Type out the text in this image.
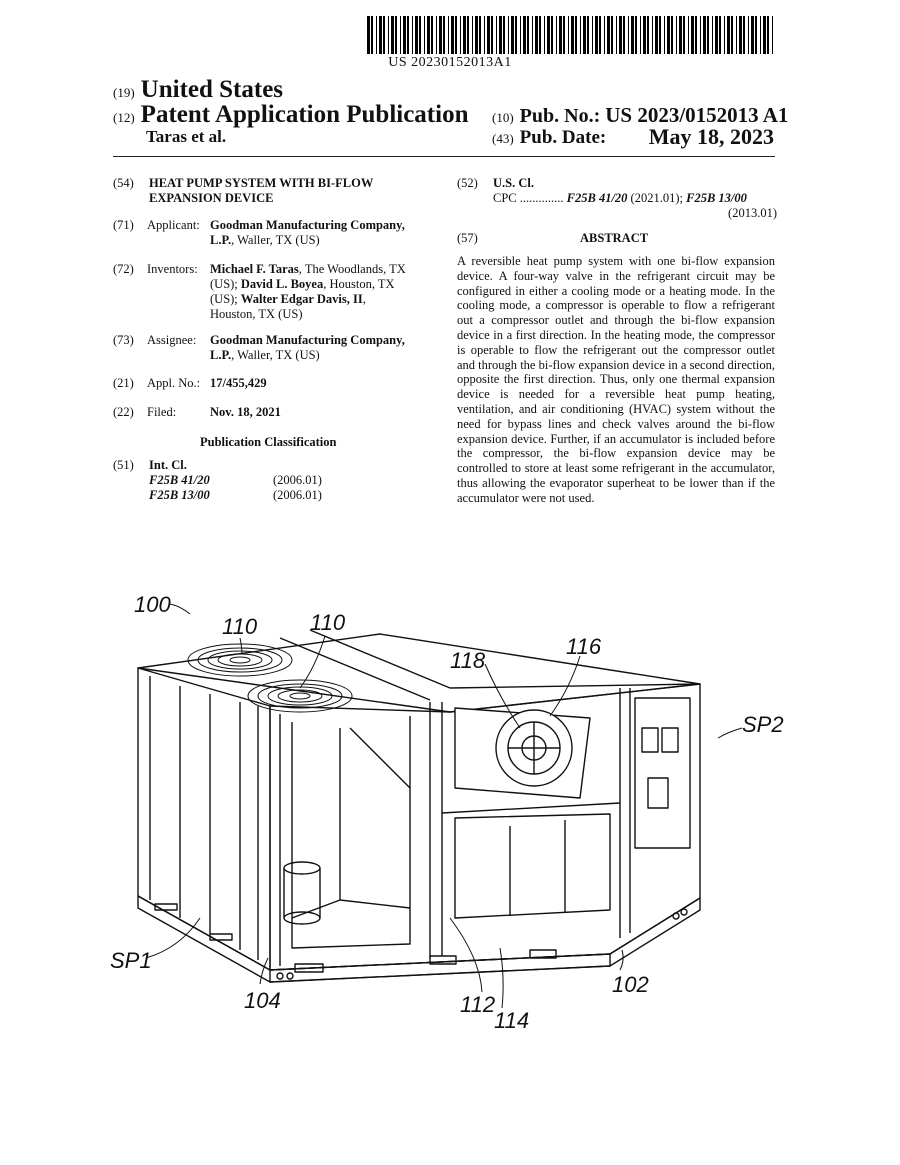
US 20230152013A1
(19) United States
(12) Patent Application Publication
Taras et al.
(10) Pub. No.: US 2023/0152013 A1
(43) Pub. Date: May 18, 2023
(54) HEAT PUMP SYSTEM WITH BI-FLOW
EXPANSION DEVICE
(71) Applicant: Goodman Manufacturing Company,
L.P., Waller, TX (US)
(72) Inventors: Michael F. Taras, The Woodlands, TX
(US); David L. Boyea, Houston, TX
(US); Walter Edgar Davis, II,
Houston, TX (US)
(73) Assignee: Goodman Manufacturing Company,
L.P., Waller, TX (US)
(21) Appl. No.: 17/455,429
(22) Filed:	Nov. 18, 2021
Publication Classification
(51) Int. Cl.
F25B 41/20	(2006.01)
F25B 13/00	(2006.01)
(52) U.S. Cl.
CPC .............. F25B 41/20 (2021.01); F25B 13/00
(2013.01)
(57)	ABSTRACT
A reversible heat pump system with one bi-flow expansion device. A four-way valve in the refrigerant circuit may be configured in either a cooling mode or a heating mode. In the cooling mode, a compressor is operable to flow a refrigerant out a compressor outlet and through the bi-flow expansion device in a first direction. In the heating mode, the compressor is operable to flow the refrigerant out the compressor outlet and through the bi-flow expansion device in a second direction, opposite the first direction. Thus, only one thermal expansion device is needed for a reversible heat pump heating, ventilation, and air conditioning (HVAC) system without the need for bypass lines and check valves around the bi-flow expansion device. Further, if an accumulator is included before the compressor, the bi-flow expansion device may be controlled to store at least some refrigerant in the accumulator, thus allowing the evaporator superheat to be lower than if the accumulator were not used.
100
110 110
118
116
SP2
SP1
104	112
114
102
